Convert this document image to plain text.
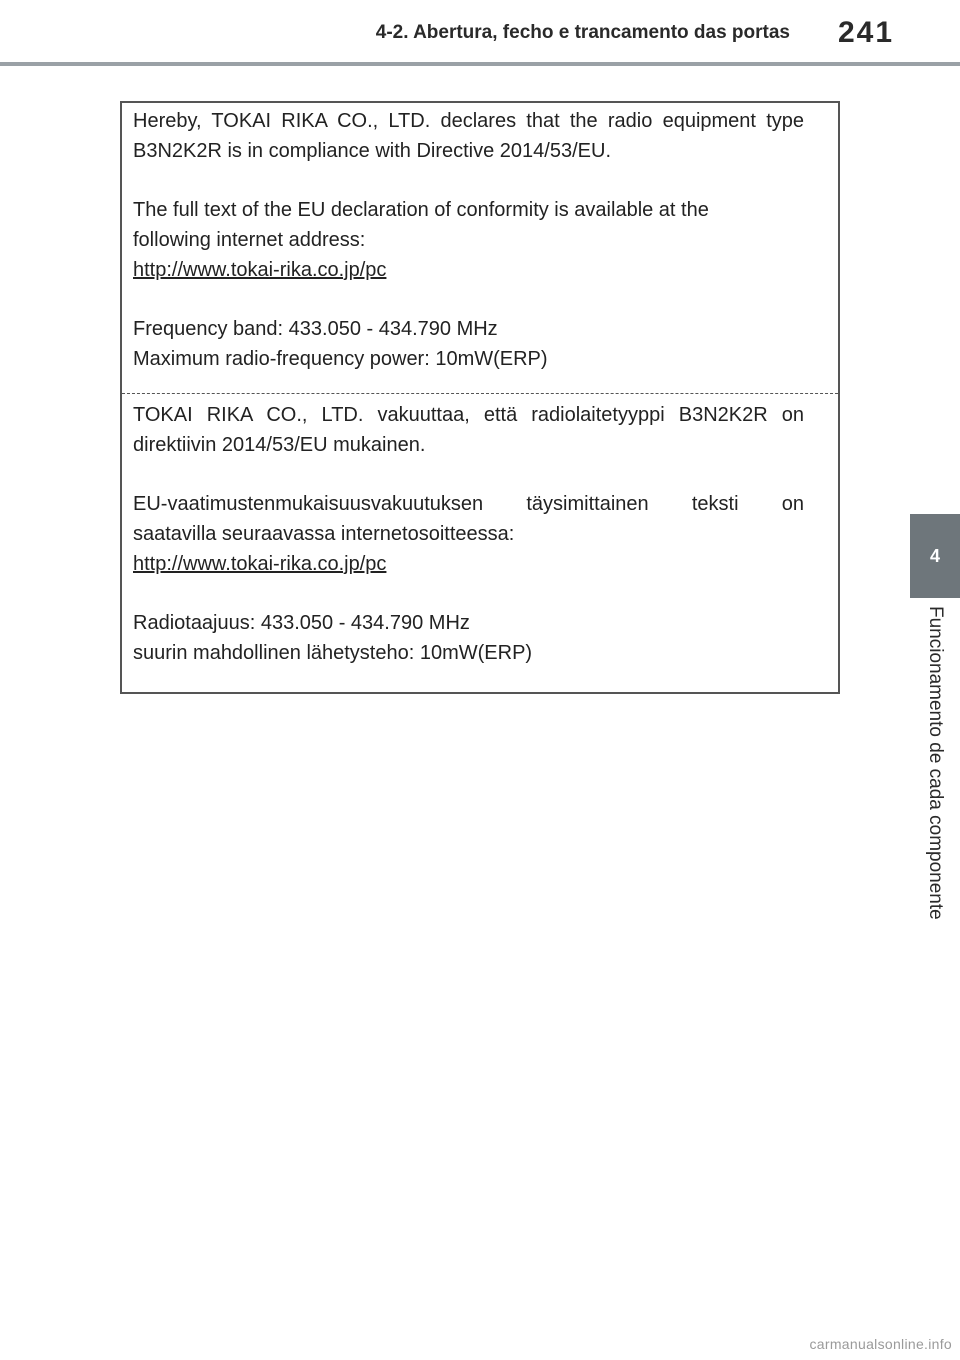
4-2. Abertura, fecho e trancamento das portas 241
4
Funcionamento de cada componente
Hereby, TOKAI RIKA CO., LTD. declares that the radio equipment type
B3N2K2R is in compliance with Directive 2014/53/EU.
The full text of the EU declaration of conformity is available at the
following internet address:
http://www.tokai-rika.co.jp/pc
Frequency band: 433.050 - 434.790 MHz
Maximum radio-frequency power: 10mW(ERP)
TOKAI RIKA CO., LTD. vakuuttaa, että radiolaitetyyppi B3N2K2R on
direktiivin 2014/53/EU mukainen.
EU-vaatimustenmukaisuusvakuutuksen täysimittainen teksti on
saatavilla seuraavassa internetosoitteessa:
http://www.tokai-rika.co.jp/pc
Radiotaajuus: 433.050 - 434.790 MHz
suurin mahdollinen lähetysteho: 10mW(ERP)
carmanualsonline.info
